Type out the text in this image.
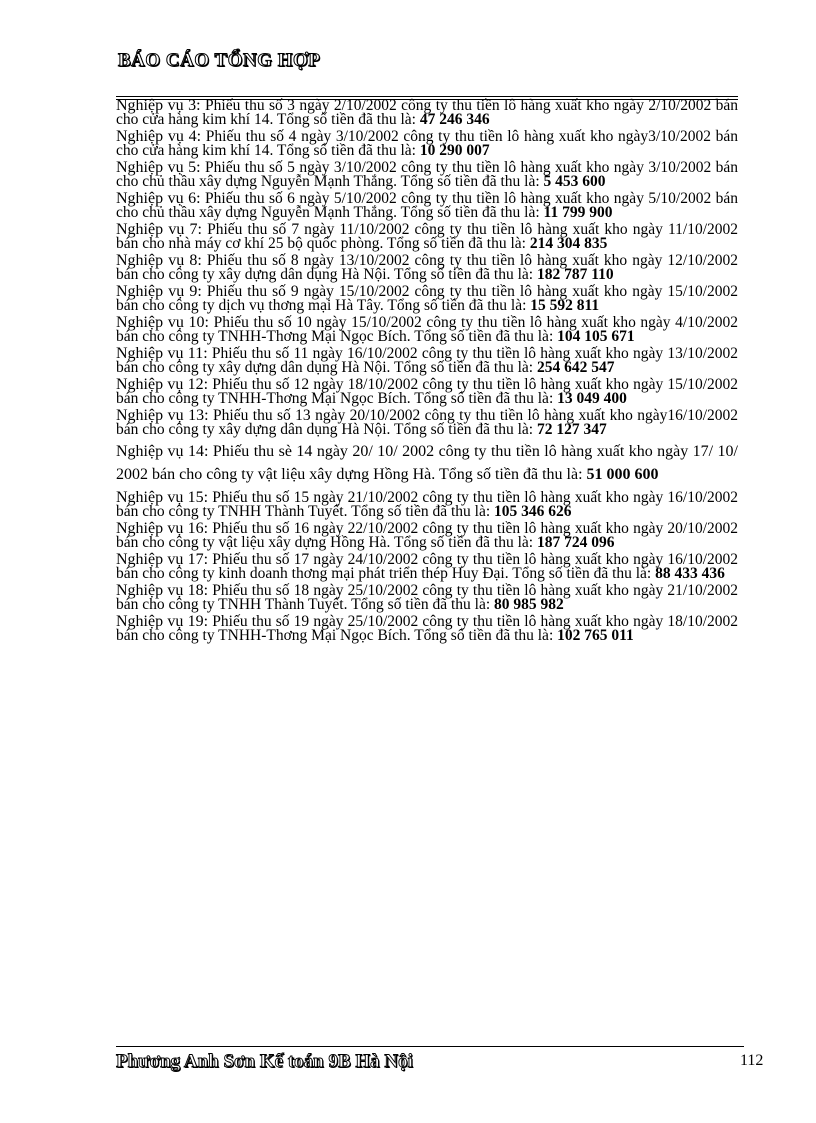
BÁO CÁO TỔNG HỢP

Nghiệp vụ 3: Phiếu thu số 3 ngày 2/10/2002 công ty thu tiền lô hàng xuất kho ngày 2/10/2002 bán cho cửa hàng kim khí 14. Tổng số tiền đã thu là: 47 246 346

Nghiệp vụ 4: Phiếu thu số 4 ngày 3/10/2002 công ty thu tiền lô hàng xuất kho ngày3/10/2002 bán cho cửa hàng kim khí 14. Tổng số tiền đã thu là: 10 290 007

Nghiệp vụ 5: Phiếu thu số 5 ngày 3/10/2002 công ty thu tiền lô hàng xuất kho ngày 3/10/2002 bán cho chủ thầu xây dựng Nguyễn Mạnh Thắng. Tổng số tiền đã thu là: 5 453 600

Nghiệp vụ 6: Phiếu thu số 6 ngày 5/10/2002 công ty thu tiền lô hàng xuất kho ngày 5/10/2002 bán cho chủ thầu xây dựng Nguyễn Mạnh Thắng. Tổng số tiền đã thu là: 11 799 900

Nghiệp vụ 7: Phiếu thu số 7 ngày 11/10/2002 công ty thu tiền lô hàng xuất kho ngày 11/10/2002 bán cho nhà máy cơ khí 25 bộ quốc phòng. Tổng số tiền đã thu là: 214 304 835

Nghiệp vụ 8: Phiếu thu số 8 ngày 13/10/2002 công ty thu tiền lô hàng xuất kho ngày 12/10/2002 bán cho công ty xây dựng dân dụng Hà Nội. Tổng số tiền đã thu là: 182 787 110

Nghiệp vụ 9: Phiếu thu số 9 ngày 15/10/2002 công ty thu tiền lô hàng xuất kho ngày 15/10/2002 bán cho công ty dịch vụ thơng mại Hà Tây. Tổng số tiền đã thu là: 15 592 811

Nghiệp vụ 10: Phiếu thu số 10 ngày 15/10/2002 công ty thu tiền lô hàng xuất kho ngày 4/10/2002 bán cho công ty TNHH-Thơng Mại Ngọc Bích. Tổng số tiền đã thu là: 104 105 671

Nghiệp vụ 11: Phiếu thu số 11 ngày 16/10/2002 công ty thu tiền lô hàng xuất kho ngày 13/10/2002 bán cho công ty xây dựng dân dụng Hà Nội. Tổng số tiền đã thu là: 254 642 547

Nghiệp vụ 12: Phiếu thu số 12 ngày 18/10/2002 công ty thu tiền lô hàng xuất kho ngày 15/10/2002 bán cho công ty TNHH-Thơng Mại Ngọc Bích. Tổng số tiền đã thu là: 13 049 400

Nghiệp vụ 13: Phiếu thu số 13 ngày 20/10/2002 công ty thu tiền lô hàng xuất kho ngày16/10/2002 bán cho công ty xây dựng dân dụng Hà Nội. Tổng số tiền đã thu là: 72 127 347

Nghiệp vụ 14: Phiếu thu sè 14 ngày 20/ 10/ 2002 công ty thu tiền lô hàng xuất kho ngày 17/ 10/ 2002 bán cho công ty vật liệu xây dựng Hồng Hà. Tổng số tiền đã thu là: 51 000 600

Nghiệp vụ 15: Phiếu thu số 15 ngày 21/10/2002 công ty thu tiền lô hàng xuất kho ngày 16/10/2002 bán cho công ty TNHH Thành Tuyết. Tổng số tiền đã thu là: 105 346 626

Nghiệp vụ 16: Phiếu thu số 16 ngày 22/10/2002 công ty thu tiền lô hàng xuất kho ngày 20/10/2002 bán cho công ty vật liệu xây dựng Hồng Hà. Tổng số tiền đã thu là: 187 724 096

Nghiệp vụ 17: Phiếu thu số 17 ngày 24/10/2002 công ty thu tiền lô hàng xuất kho ngày 16/10/2002 bán cho công ty kinh doanh thơng mại phát triển thép Huy Đại. Tổng số tiền đã thu là: 88 433 436

Nghiệp vụ 18: Phiếu thu số 18 ngày 25/10/2002 công ty thu tiền lô hàng xuất kho ngày 21/10/2002 bán cho công ty TNHH Thành Tuyết. Tổng số tiền đã thu là: 80 985 982

Nghiệp vụ 19: Phiếu thu số 19 ngày 25/10/2002 công ty thu tiền lô hàng xuất kho ngày 18/10/2002 bán cho công ty TNHH-Thơng Mại Ngọc Bích. Tổng số tiền đã thu là: 102 765 011

Phương Anh Sơn Kế toán 9B Hà Nội	112
